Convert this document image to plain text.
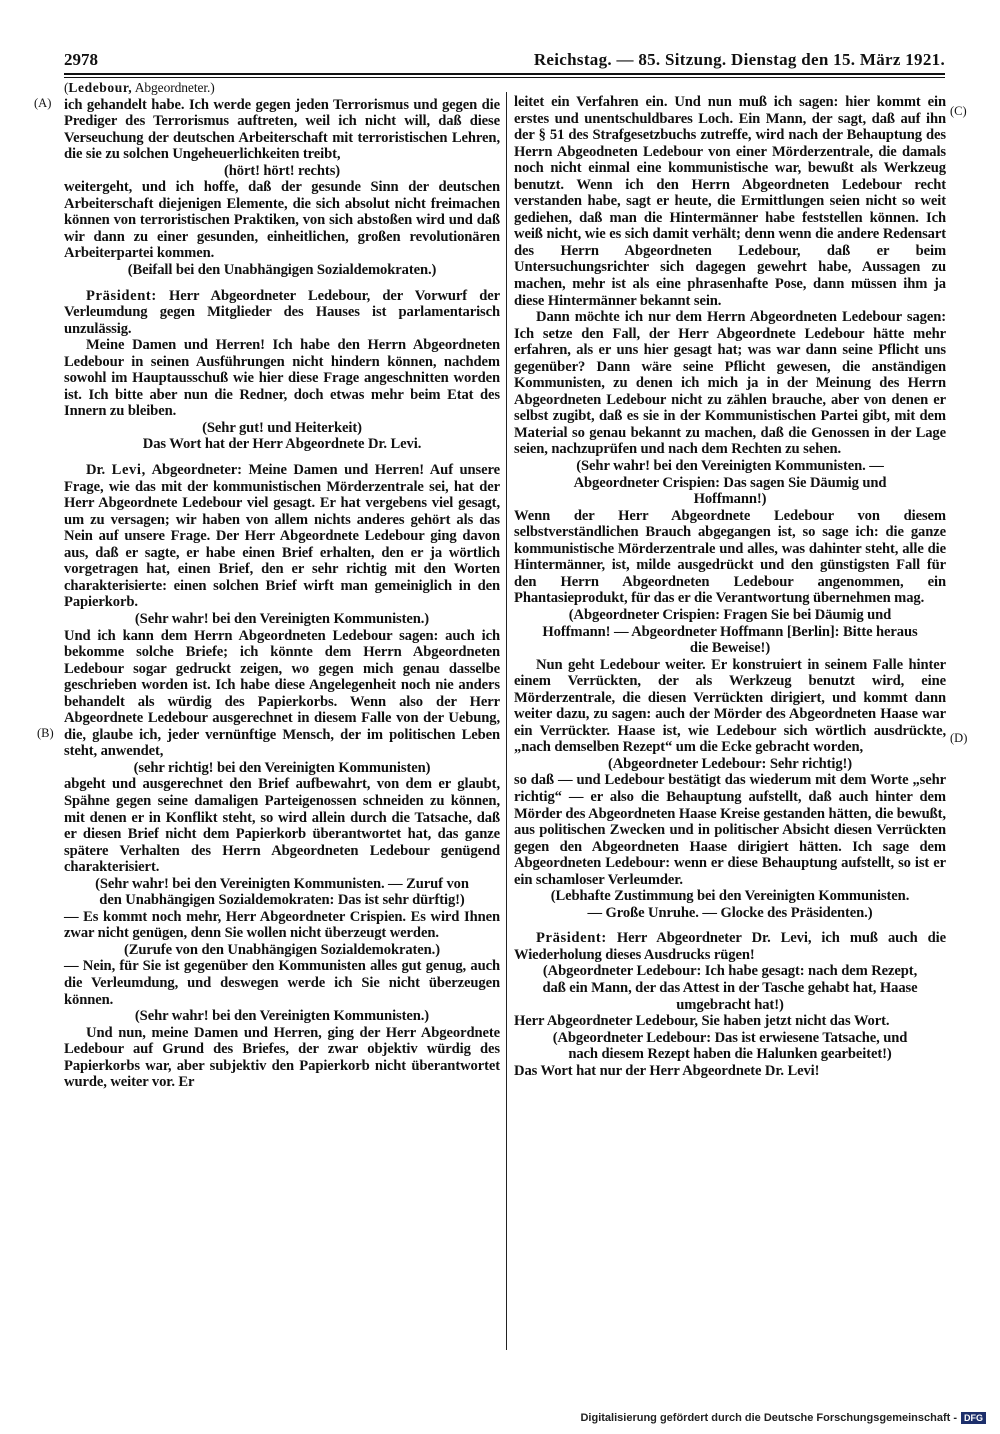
2978	Reichstag. — 85. Sitzung. Dienstag den 15. März 1921.
(A)
(B)
(C)
(D)

(Ledebour, Abgeordneter.)

ich gehandelt habe. Ich werde gegen jeden Terrorismus und gegen die Prediger des Terrorismus auftreten, weil ich nicht will, daß diese Verseuchung der deutschen Arbeiterschaft mit terroristischen Lehren, die sie zu solchen Ungeheuerlichkeiten treibt,

(hört! hört! rechts)

weitergeht, und ich hoffe, daß der gesunde Sinn der deutschen Arbeiterschaft diejenigen Elemente, die sich absolut nicht freimachen können von terroristischen Praktiken, von sich abstoßen wird und daß wir dann zu einer gesunden, einheitlichen, großen revolutionären Arbeiterpartei kommen.

(Beifall bei den Unabhängigen Sozialdemokraten.)

Präsident: Herr Abgeordneter Ledebour, der Vorwurf der Verleumdung gegen Mitglieder des Hauses ist parlamentarisch unzulässig.

Meine Damen und Herren! Ich habe den Herrn Abgeordneten Ledebour in seinen Ausführungen nicht hindern können, nachdem sowohl im Hauptausschuß wie hier diese Frage angeschnitten worden ist. Ich bitte aber nun die Redner, doch etwas mehr beim Etat des Innern zu bleiben.

(Sehr gut! und Heiterkeit)

Das Wort hat der Herr Abgeordnete Dr. Levi.

Dr. Levi, Abgeordneter: Meine Damen und Herren! Auf unsere Frage, wie das mit der kommunistischen Mörderzentrale sei, hat der Herr Abgeordnete Ledebour viel gesagt. Er hat vergebens viel gesagt, um zu versagen; wir haben von allem nichts anderes gehört als das Nein auf unsere Frage. Der Herr Abgeordnete Ledebour ging davon aus, daß er sagte, er habe einen Brief erhalten, den er ja wörtlich vorgetragen hat, einen Brief, den er sehr richtig mit den Worten charakterisierte: einen solchen Brief wirft man gemeiniglich in den Papierkorb.

(Sehr wahr! bei den Vereinigten Kommunisten.)

Und ich kann dem Herrn Abgeordneten Ledebour sagen: auch ich bekomme solche Briefe; ich könnte dem Herrn Abgeordneten Ledebour sogar gedruckt zeigen, wo gegen mich genau dasselbe geschrieben worden ist. Ich habe diese Angelegenheit noch nie anders behandelt als würdig des Papierkorbs. Wenn also der Herr Abgeordnete Ledebour ausgerechnet in diesem Falle von der Uebung, die, glaube ich, jeder vernünftige Mensch, der im politischen Leben steht, anwendet,

(sehr richtig! bei den Vereinigten Kommunisten)

abgeht und ausgerechnet den Brief aufbewahrt, von dem er glaubt, Spähne gegen seine damaligen Parteigenossen schneiden zu können, mit denen er in Konflikt steht, so wird allein durch die Tatsache, daß er diesen Brief nicht dem Papierkorb überantwortet hat, das ganze spätere Verhalten des Herrn Abgeordneten Ledebour genügend charakterisiert.

(Sehr wahr! bei den Vereinigten Kommunisten. — Zuruf von den Unabhängigen Sozialdemokraten: Das ist sehr dürftig!)

— Es kommt noch mehr, Herr Abgeordneter Crispien. Es wird Ihnen zwar nicht genügen, denn Sie wollen nicht überzeugt werden.

(Zurufe von den Unabhängigen Sozialdemokraten.)

— Nein, für Sie ist gegenüber den Kommunisten alles gut genug, auch die Verleumdung, und deswegen werde ich Sie nicht überzeugen können.

(Sehr wahr! bei den Vereinigten Kommunisten.)

Und nun, meine Damen und Herren, ging der Herr Abgeordnete Ledebour auf Grund des Briefes, der zwar objektiv würdig des Papierkorbs war, aber subjektiv den Papierkorb nicht überantwortet wurde, weiter vor. Er

leitet ein Verfahren ein. Und nun muß ich sagen: hier kommt ein erstes und unentschuldbares Loch. Ein Mann, der sagt, daß auf ihn der § 51 des Strafgesetzbuchs zutreffe, wird nach der Behauptung des Herrn Abgeodneten Ledebour von einer Mörderzentrale, die damals noch nicht einmal eine kommunistische war, bewußt als Werkzeug benutzt. Wenn ich den Herrn Abgeordneten Ledebour recht verstanden habe, sagt er heute, die Ermittlungen seien nicht so weit gediehen, daß man die Hintermänner habe feststellen können. Ich weiß nicht, wie es sich damit verhält; denn wenn die andere Redensart des Herrn Abgeordneten Ledebour, daß er beim Untersuchungsrichter sich dagegen gewehrt habe, Aussagen zu machen, mehr ist als eine phrasenhafte Pose, dann müssen ihm ja diese Hintermänner bekannt sein.

Dann möchte ich nur dem Herrn Abgeordneten Ledebour sagen: Ich setze den Fall, der Herr Abgeordnete Ledebour hätte mehr erfahren, als er uns hier gesagt hat; was war dann seine Pflicht uns gegenüber? Dann wäre seine Pflicht gewesen, die anständigen Kommunisten, zu denen ich mich ja in der Meinung des Herrn Abgeordneten Ledebour nicht zu zählen brauche, aber von denen er selbst zugibt, daß es sie in der Kommunistischen Partei gibt, mit dem Material so genau bekannt zu machen, daß die Genossen in der Lage seien, nachzuprüfen und nach dem Rechten zu sehen.

(Sehr wahr! bei den Vereinigten Kommunisten. — Abgeordneter Crispien: Das sagen Sie Däumig und Hoffmann!)

Wenn der Herr Abgeordnete Ledebour von diesem selbstverständlichen Brauch abgegangen ist, so sage ich: die ganze kommunistische Mörderzentrale und alles, was dahinter steht, alle die Hintermänner, ist, milde ausgedrückt und den günstigsten Fall für den Herrn Abgeordneten Ledebour angenommen, ein Phantasieprodukt, für das er die Verantwortung übernehmen mag.

(Abgeordneter Crispien: Fragen Sie bei Däumig und Hoffmann! — Abgeordneter Hoffmann [Berlin]: Bitte heraus die Beweise!)

Nun geht Ledebour weiter. Er konstruiert in seinem Falle hinter einem Verrückten, der als Werkzeug benutzt wird, eine Mörderzentrale, die diesen Verrückten dirigiert, und kommt dann weiter dazu, zu sagen: auch der Mörder des Abgeordneten Haase war ein Verrückter. Haase ist, wie Ledebour sich wörtlich ausdrückte, „nach demselben Rezept“ um die Ecke gebracht worden,

(Abgeordneter Ledebour: Sehr richtig!)

so daß — und Ledebour bestätigt das wiederum mit dem Worte „sehr richtig“ — er also die Behauptung aufstellt, daß auch hinter dem Mörder des Abgeordneten Haase Kreise gestanden hätten, die bewußt, aus politischen Zwecken und in politischer Absicht diesen Verrückten gegen den Abgeordneten Haase dirigiert hätten. Ich sage dem Abgeordneten Ledebour: wenn er diese Behauptung aufstellt, so ist er ein schamloser Verleumder.

(Lebhafte Zustimmung bei den Vereinigten Kommunisten. — Große Unruhe. — Glocke des Präsidenten.)

Präsident: Herr Abgeordneter Dr. Levi, ich muß auch die Wiederholung dieses Ausdrucks rügen!

(Abgeordneter Ledebour: Ich habe gesagt: nach dem Rezept, daß ein Mann, der das Attest in der Tasche gehabt hat, Haase umgebracht hat!)

Herr Abgeordneter Ledebour, Sie haben jetzt nicht das Wort.

(Abgeordneter Ledebour: Das ist erwiesene Tatsache, und nach diesem Rezept haben die Halunken gearbeitet!)

Das Wort hat nur der Herr Abgeordnete Dr. Levi!

Digitalisierung gefördert durch die Deutsche Forschungsgemeinschaft - DFG
